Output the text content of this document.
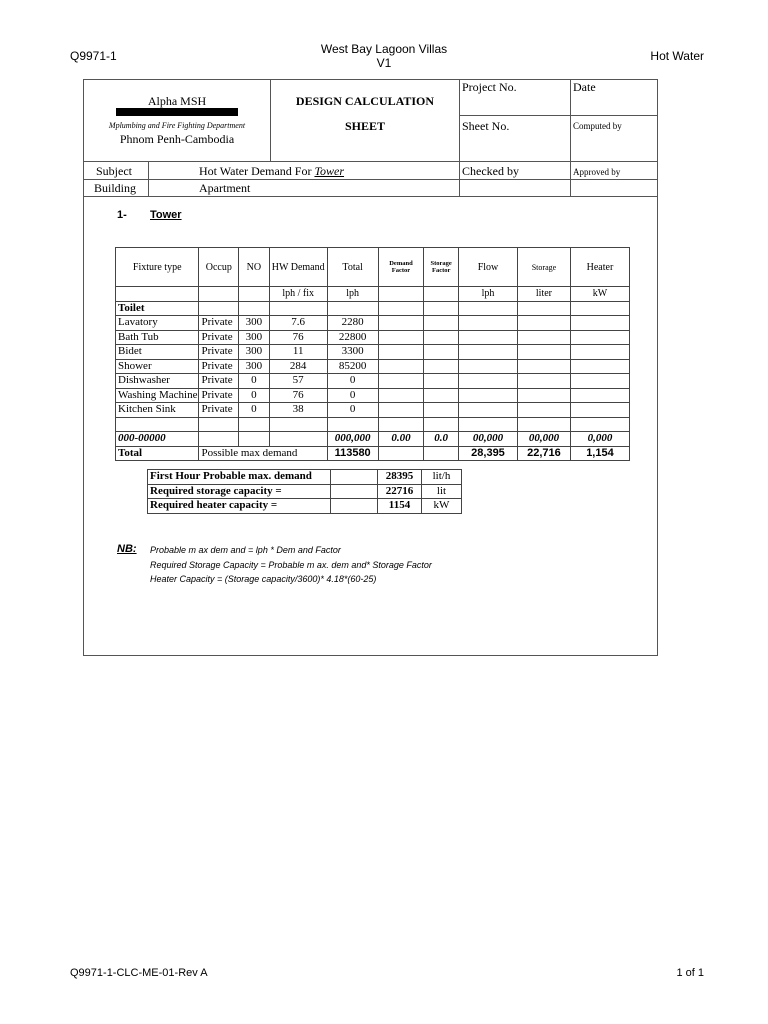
Q9971-1	West Bay Lagoon Villas
V1	Hot Water
Alpha MSH
Mplumbing and Fire Fighting Department
Phnom Penh-Cambodia
DESIGN CALCULATION
SHEET
Project No.	Date
Sheet No.	Computed by
Subject	Hot Water Demand For Tower	Checked by	Approved by
Building	Apartment
1- Tower
Fixture type	Occup	NO	HW Demand	Total	Demand Factor	Storage Factor	Flow	Storage	Heater
			lph / fix	lph			lph	liter	kW
Toilet									
Lavatory	Private	300	7.6	2280					
Bath Tub	Private	300	76	22800					
Bidet	Private	300	11	3300					
Shower	Private	300	284	85200					
Dishwasher	Private	0	57	0					
Washing Machine	Private	0	76	0					
Kitchen Sink	Private	0	38	0					

000-00000				000,000	0.00	0.0	00,000	00,000	0,000
Total	Possible max demand			113580			28,395	22,716	1,154
First Hour Probable max. demand		28395	lit/h
Required storage capacity =		22716	lit
Required heater capacity =		1154	kW
NB: Probable m ax dem and = lph * Dem and Factor
Required Storage Capacity = Probable m ax. dem and* Storage Factor
Heater Capacity = (Storage capacity/3600)* 4.18*(60-25)
Q9971-1-CLC-ME-01-Rev A	1 of 1
